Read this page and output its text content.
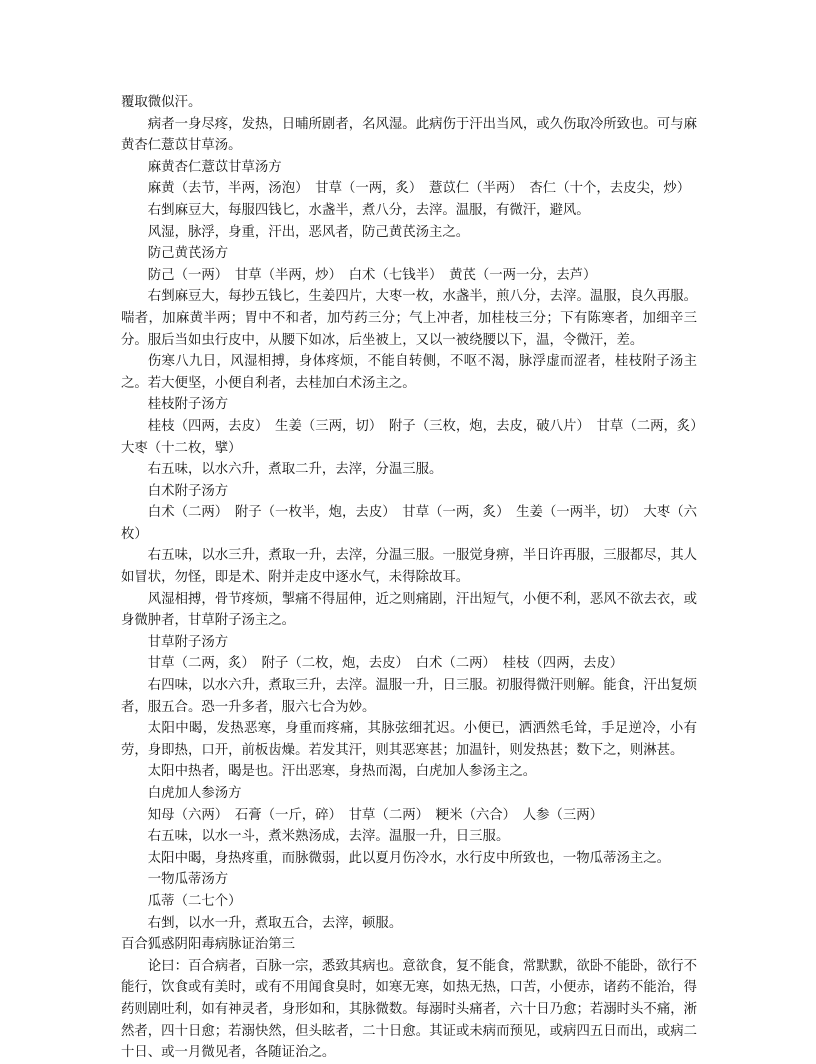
覆取微似汗。

病者一身尽疼，发热，日晡所剧者，名风湿。此病伤于汗出当风，或久伤取冷所致也。可与麻黄杏仁薏苡甘草汤。

麻黄杏仁薏苡甘草汤方

麻黄（去节，半两，汤泡）　甘草（一两，炙）　薏苡仁（半两）　杏仁（十个，去皮尖，炒）

右剉麻豆大，每服四钱匕，水盏半，煮八分，去滓。温服，有微汗，避风。

风湿，脉浮，身重，汗出，恶风者，防己黄芪汤主之。

防己黄芪汤方

防己（一两）　甘草（半两，炒）　白术（七钱半）　黄芪（一两一分，去芦）

右剉麻豆大，每抄五钱匕，生姜四片，大枣一枚，水盏半，煎八分，去滓。温服，良久再服。喘者，加麻黄半两；胃中不和者，加芍药三分；气上冲者，加桂枝三分；下有陈寒者，加细辛三分。服后当如虫行皮中，从腰下如冰，后坐被上，又以一被绕腰以下，温，令微汗，差。

伤寒八九日，风湿相搏，身体疼烦，不能自转侧，不呕不渴，脉浮虚而涩者，桂枝附子汤主之。若大便坚，小便自利者，去桂加白术汤主之。

桂枝附子汤方

桂枝（四两，去皮）　生姜（三两，切）　附子（三枚，炮，去皮，破八片）　甘草（二两，炙）　大枣（十二枚，擘）

右五味，以水六升，煮取二升，去滓，分温三服。

白术附子汤方

白术（二两）　附子（一枚半，炮，去皮）　甘草（一两，炙）　生姜（一两半，切）　大枣（六枚）

右五味，以水三升，煮取一升，去滓，分温三服。一服觉身痹，半日许再服，三服都尽，其人如冒状，勿怪，即是术、附并走皮中逐水气，未得除故耳。

风湿相搏，骨节疼烦，掣痛不得屈伸，近之则痛剧，汗出短气，小便不利，恶风不欲去衣，或身微肿者，甘草附子汤主之。

甘草附子汤方

甘草（二两，炙）　附子（二枚，炮，去皮）　白术（二两）　桂枝（四两，去皮）

右四味，以水六升，煮取三升，去滓。温服一升，日三服。初服得微汗则解。能食，汗出复烦者，服五合。恐一升多者，服六七合为妙。

太阳中暍，发热恶寒，身重而疼痛，其脉弦细芤迟。小便已，洒洒然毛耸，手足逆冷，小有劳，身即热，口开，前板齿燥。若发其汗，则其恶寒甚；加温针，则发热甚；数下之，则淋甚。

太阳中热者，暍是也。汗出恶寒，身热而渴，白虎加人参汤主之。

白虎加人参汤方

知母（六两）　石膏（一斤，碎）　甘草（二两）　粳米（六合）　人参（三两）

右五味，以水一斗，煮米熟汤成，去滓。温服一升，日三服。

太阳中暍，身热疼重，而脉微弱，此以夏月伤冷水，水行皮中所致也，一物瓜蒂汤主之。

一物瓜蒂汤方

瓜蒂（二七个）

右剉，以水一升，煮取五合，去滓，顿服。

百合狐惑阴阳毒病脉证治第三

论曰：百合病者，百脉一宗，悉致其病也。意欲食，复不能食，常默默，欲卧不能卧，欲行不能行，饮食或有美时，或有不用闻食臭时，如寒无寒，如热无热，口苦，小便赤，诸药不能治，得药则剧吐利，如有神灵者，身形如和，其脉微数。每溺时头痛者，六十日乃愈；若溺时头不痛，淅然者，四十日愈；若溺快然，但头眩者，二十日愈。其证或未病而预见，或病四五日而出，或病二十日、或一月微见者，各随证治之。
